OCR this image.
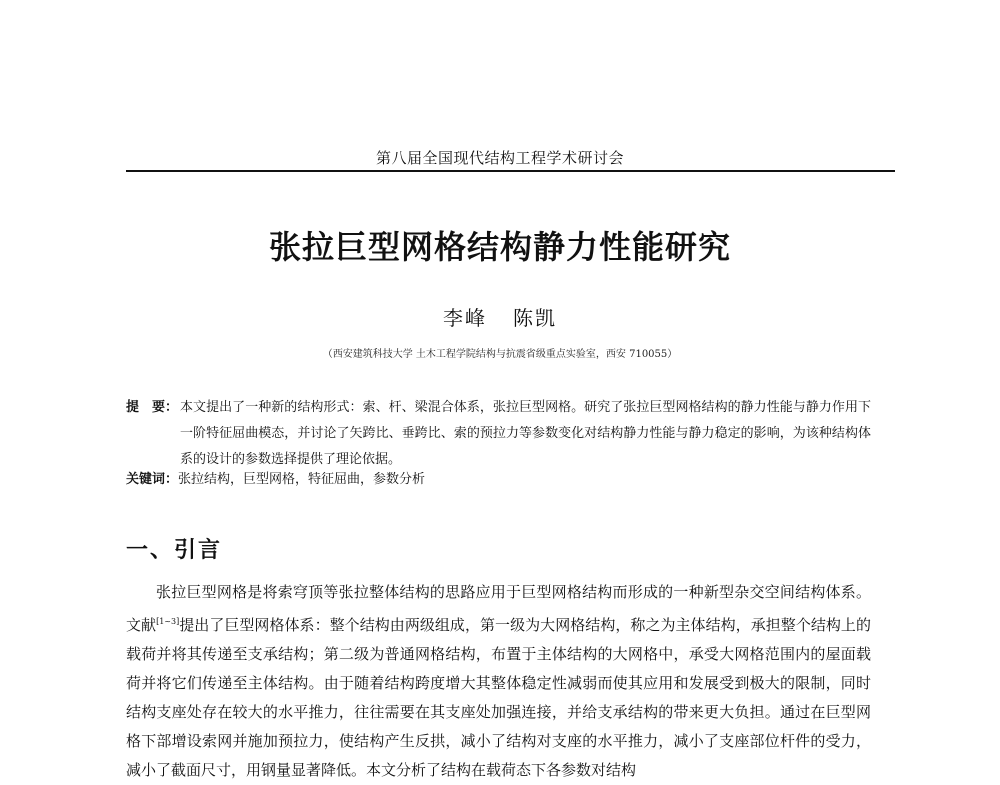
第八届全国现代结构工程学术研讨会
张拉巨型网格结构静力性能研究
李峰 陈凯
（西安建筑科技大学 土木工程学院结构与抗震省级重点实验室，西安 710055）
提　要： 本文提出了一种新的结构形式：索、杆、梁混合体系，张拉巨型网格。研究了张拉巨型网格结构的静力性能与静力作用下一阶特征屈曲模态，并讨论了矢跨比、垂跨比、索的预拉力等参数变化对结构静力性能与静力稳定的影响，为该种结构体系的设计的参数选择提供了理论依据。
关键词：张拉结构，巨型网格，特征屈曲，参数分析
一、引言
张拉巨型网格是将索穹顶等张拉整体结构的思路应用于巨型网格结构而形成的一种新型杂交空间结构体系。文献[1~3]提出了巨型网格体系：整个结构由两级组成，第一级为大网格结构，称之为主体结构，承担整个结构上的载荷并将其传递至支承结构；第二级为普通网格结构，布置于主体结构的大网格中，承受大网格范围内的屋面载荷并将它们传递至主体结构。由于随着结构跨度增大其整体稳定性减弱而使其应用和发展受到极大的限制，同时结构支座处存在较大的水平推力，往往需要在其支座处加强连接，并给支承结构的带来更大负担。通过在巨型网格下部增设索网并施加预拉力，使结构产生反拱，减小了结构对支座的水平推力，减小了支座部位杆件的受力，减小了截面尺寸，用钢量显著降低。本文分析了结构在载荷态下各参数对结构
